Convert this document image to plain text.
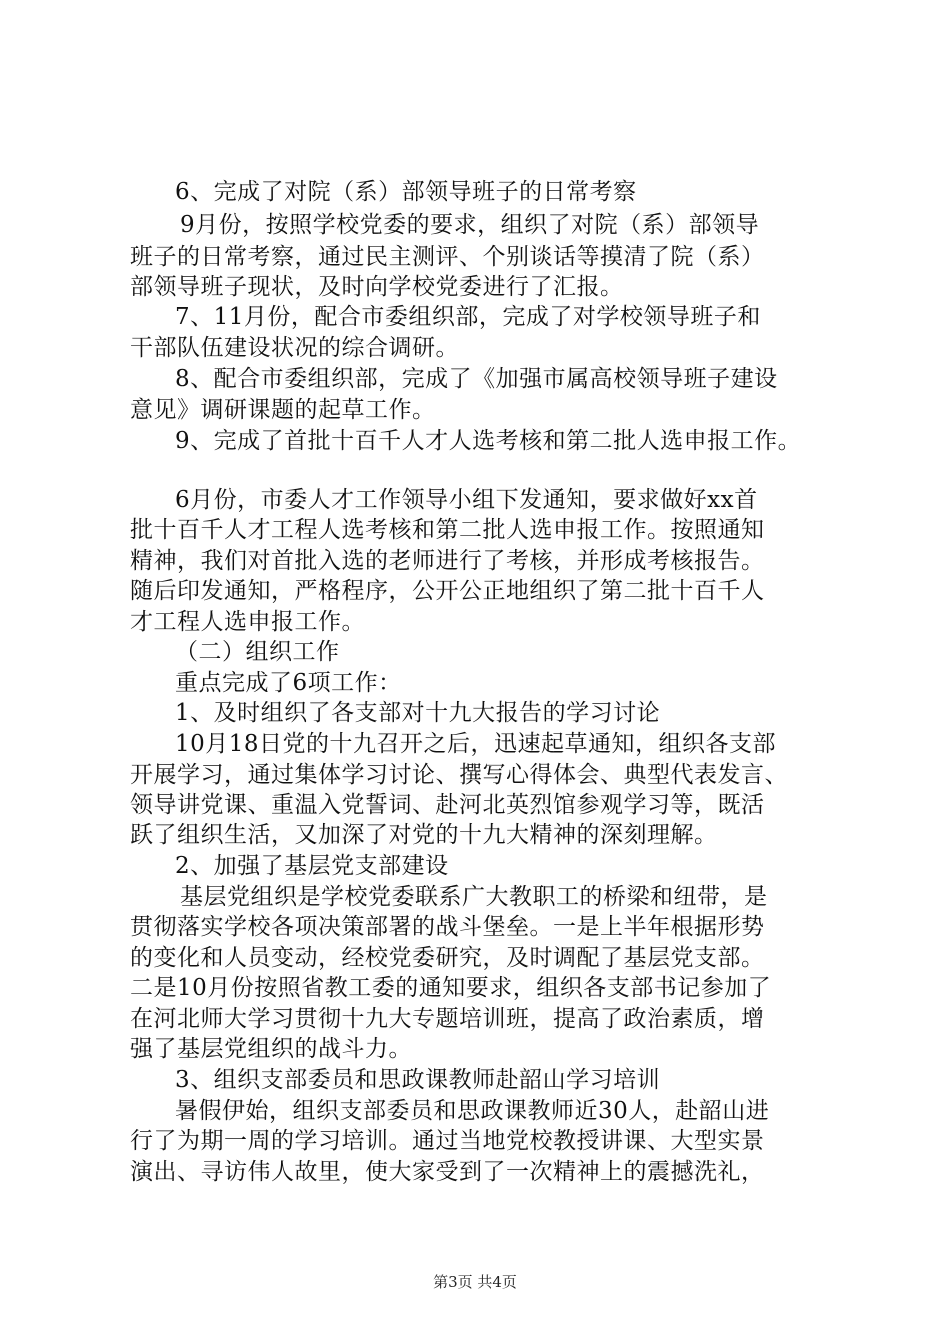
6、完成了对院（系）部领导班子的日常考察
9月份，按照学校党委的要求，组织了对院（系）部领导
班子的日常考察，通过民主测评、个别谈话等摸清了院（系）
部领导班子现状，及时向学校党委进行了汇报。
7、11月份，配合市委组织部，完成了对学校领导班子和
干部队伍建设状况的综合调研。
8、配合市委组织部，完成了《加强市属高校领导班子建设
意见》调研课题的起草工作。
9、完成了首批十百千人才人选考核和第二批人选申报工作。
6月份，市委人才工作领导小组下发通知，要求做好xx首
批十百千人才工程人选考核和第二批人选申报工作。按照通知
精神，我们对首批入选的老师进行了考核，并形成考核报告。
随后印发通知，严格程序，公开公正地组织了第二批十百千人
才工程人选申报工作。
（二）组织工作
重点完成了6项工作：
1、及时组织了各支部对十九大报告的学习讨论
10月18日党的十九召开之后，迅速起草通知，组织各支部
开展学习，通过集体学习讨论、撰写心得体会、典型代表发言、
领导讲党课、重温入党誓词、赴河北英烈馆参观学习等，既活
跃了组织生活，又加深了对党的十九大精神的深刻理解。
2、加强了基层党支部建设
基层党组织是学校党委联系广大教职工的桥梁和纽带，是
贯彻落实学校各项决策部署的战斗堡垒。一是上半年根据形势
的变化和人员变动，经校党委研究，及时调配了基层党支部。
二是10月份按照省教工委的通知要求，组织各支部书记参加了
在河北师大学习贯彻十九大专题培训班，提高了政治素质，增
强了基层党组织的战斗力。
3、组织支部委员和思政课教师赴韶山学习培训
暑假伊始，组织支部委员和思政课教师近30人，赴韶山进
行了为期一周的学习培训。通过当地党校教授讲课、大型实景
演出、寻访伟人故里，使大家受到了一次精神上的震撼洗礼，
第3页 共4页
